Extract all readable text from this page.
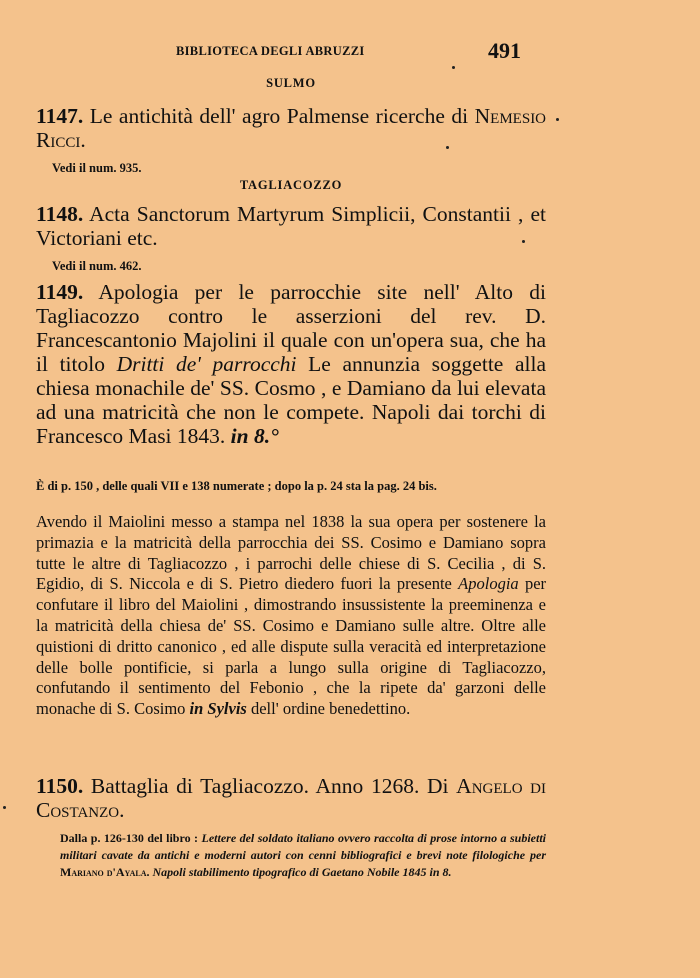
BIBLIOTECA DEGLI ABRUZZI	491
SULMO
1147. Le antichità dell' agro Palmense ricerche di Nemesio Ricci.
Vedi il num. 935.
TAGLIACOZZO
1148. Acta Sanctorum Martyrum Simplicii, Constantii , et Victoriani etc.
Vedi il num. 462.
1149. Apologia per le parrocchie site nell' Alto di Tagliacozzo contro le asserzioni del rev. D. Francescantonio Majolini il quale con un'opera sua, che ha il titolo Dritti de' parrocchi Le annunzia soggette alla chiesa monachile de' SS. Cosmo , e Damiano da lui elevata ad una matricità che non le compete. Napoli dai torchi di Francesco Masi 1843. in 8.°
È di p. 150 , delle quali VII e 138 numerate ; dopo la p. 24 sta la pag. 24 bis.
Avendo il Maiolini messo a stampa nel 1838 la sua opera per sostenere la primazia e la matricità della parrocchia dei SS. Cosimo e Damiano sopra tutte le altre di Tagliacozzo , i parrochi delle chiese di S. Cecilia , di S. Egidio, di S. Niccola e di S. Pietro diedero fuori la presente Apologia per confutare il libro del Maiolini , dimostrando insussistente la preeminenza e la matricità della chiesa de' SS. Cosimo e Damiano sulle altre. Oltre alle quistioni di dritto canonico , ed alle dispute sulla veracità ed interpretazione delle bolle pontificie, si parla a lungo sulla origine di Tagliacozzo, confutando il sentimento del Febonio , che la ripete da' garzoni delle monache di S. Cosimo in Sylvis dell' ordine benedettino.
1150. Battaglia di Tagliacozzo. Anno 1268. Di Angelo di Costanzo.
Dalla p. 126-130 del libro : Lettere del soldato italiano ovvero raccolta di prose intorno a subietti militari cavate da antichi e moderni autori con cenni bibliografici e brevi note filologiche per Mariano d'Ayala. Napoli stabilimento tipografico di Gaetano Nobile 1845 in 8.
